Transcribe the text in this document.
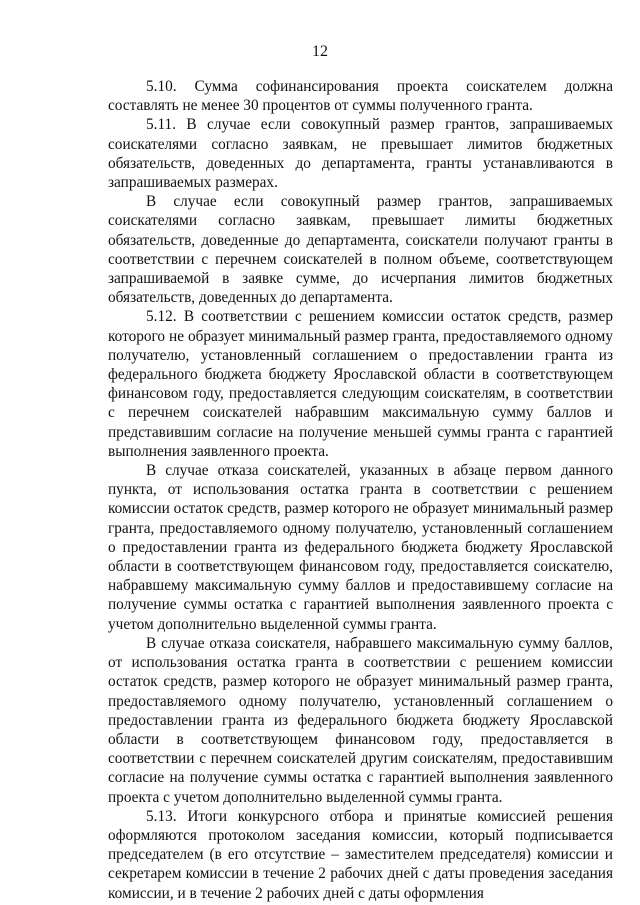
12

5.10. Сумма софинансирования проекта соискателем должна составлять не менее 30 процентов от суммы полученного гранта.

5.11. В случае если совокупный размер грантов, запрашиваемых соискателями согласно заявкам, не превышает лимитов бюджетных обязательств, доведенных до департамента, гранты устанавливаются в запрашиваемых размерах.

В случае если совокупный размер грантов, запрашиваемых соискателями согласно заявкам, превышает лимиты бюджетных обязательств, доведенные до департамента, соискатели получают гранты в соответствии с перечнем соискателей в полном объеме, соответствующем запрашиваемой в заявке сумме, до исчерпания лимитов бюджетных обязательств, доведенных до департамента.

5.12. В соответствии с решением комиссии остаток средств, размер которого не образует минимальный размер гранта, предоставляемого одному получателю, установленный соглашением о предоставлении гранта из федерального бюджета бюджету Ярославской области в соответствующем финансовом году, предоставляется следующим соискателям, в соответствии с перечнем соискателей набравшим максимальную сумму баллов и представившим согласие на получение меньшей суммы гранта с гарантией выполнения заявленного проекта.

В случае отказа соискателей, указанных в абзаце первом данного пункта, от использования остатка гранта в соответствии с решением комиссии остаток средств, размер которого не образует минимальный размер гранта, предоставляемого одному получателю, установленный соглашением о предоставлении гранта из федерального бюджета бюджету Ярославской области в соответствующем финансовом году, предоставляется соискателю, набравшему максимальную сумму баллов и предоставившему согласие на получение суммы остатка с гарантией выполнения заявленного проекта с учетом дополнительно выделенной суммы гранта.

В случае отказа соискателя, набравшего максимальную сумму баллов, от использования остатка гранта в соответствии с решением комиссии остаток средств, размер которого не образует минимальный размер гранта, предоставляемого одному получателю, установленный соглашением о предоставлении гранта из федерального бюджета бюджету Ярославской области в соответствующем финансовом году, предоставляется в соответствии с перечнем соискателей другим соискателям, предоставившим согласие на получение суммы остатка с гарантией выполнения заявленного проекта с учетом дополнительно выделенной суммы гранта.

5.13. Итоги конкурсного отбора и принятые комиссией решения оформляются протоколом заседания комиссии, который подписывается председателем (в его отсутствие – заместителем председателя) комиссии и секретарем комиссии в течение 2 рабочих дней с даты проведения заседания комиссии, и в течение 2 рабочих дней с даты оформления
